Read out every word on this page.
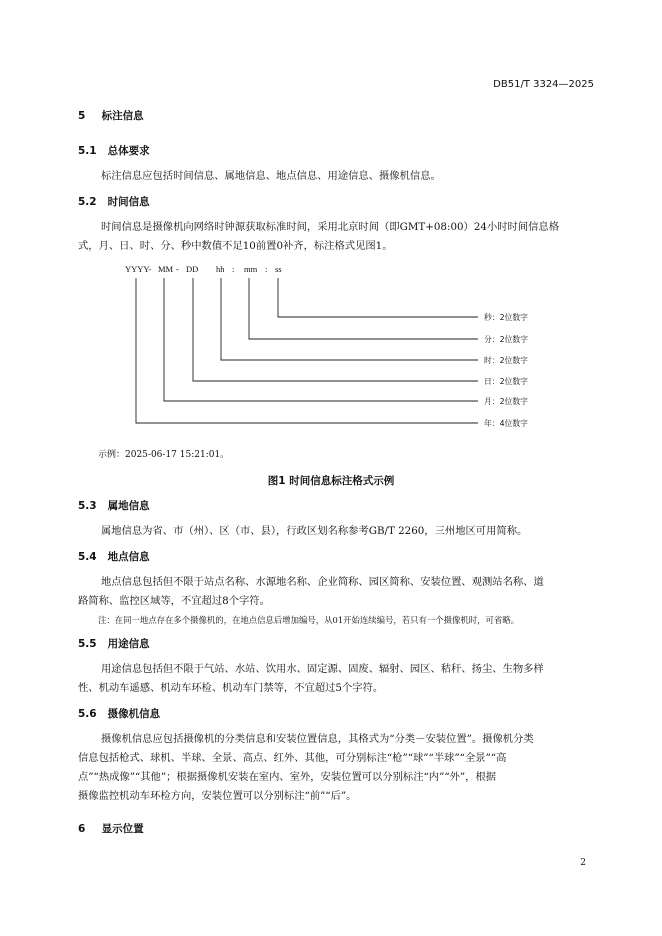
DB51/T 3324—2025
5 标注信息
5.1 总体要求
标注信息应包括时间信息、属地信息、地点信息、用途信息、摄像机信息。
5.2 时间信息
时间信息是摄像机向网络时钟源获取标准时间，采用北京时间（即GMT+08:00）24小时时间信息格
式，月、日、时、分、秒中数值不足10前置0补齐，标注格式见图1。
YYYY- MM - DD hh : mm : ss
秒：2位数字
分：2位数字
时：2位数字
日：2位数字
月：2位数字
年：4位数字
示例：2025-06-17 15:21:01。
图1 时间信息标注格式示例
5.3 属地信息
属地信息为省、市（州）、区（市、县），行政区划名称参考GB/T 2260，三州地区可用简称。
5.4 地点信息
地点信息包括但不限于站点名称、水源地名称、企业简称、园区简称、安装位置、观测站名称、道
路简称、监控区域等，不宜超过8个字符。
注：在同一地点存在多个摄像机的，在地点信息后增加编号，从01开始连续编号，若只有一个摄像机时，可省略。
5.5 用途信息
用途信息包括但不限于气站、水站、饮用水、固定源、固废、辐射、园区、秸秆、扬尘、生物多样
性、机动车遥感、机动车环检、机动车门禁等，不宜超过5个字符。
5.6 摄像机信息
摄像机信息应包括摄像机的分类信息和安装位置信息，其格式为“分类－安装位置”。摄像机分类
信息包括枪式、球机、半球、全景、高点、红外、其他，可分别标注“枪”“球”“半球”“全景”“高
点”“热成像”“其他”；根据摄像机安装在室内、室外，安装位置可以分别标注“内”“外”，根据
摄像监控机动车环检方向，安装位置可以分别标注“前”“后”。
6 显示位置
2
